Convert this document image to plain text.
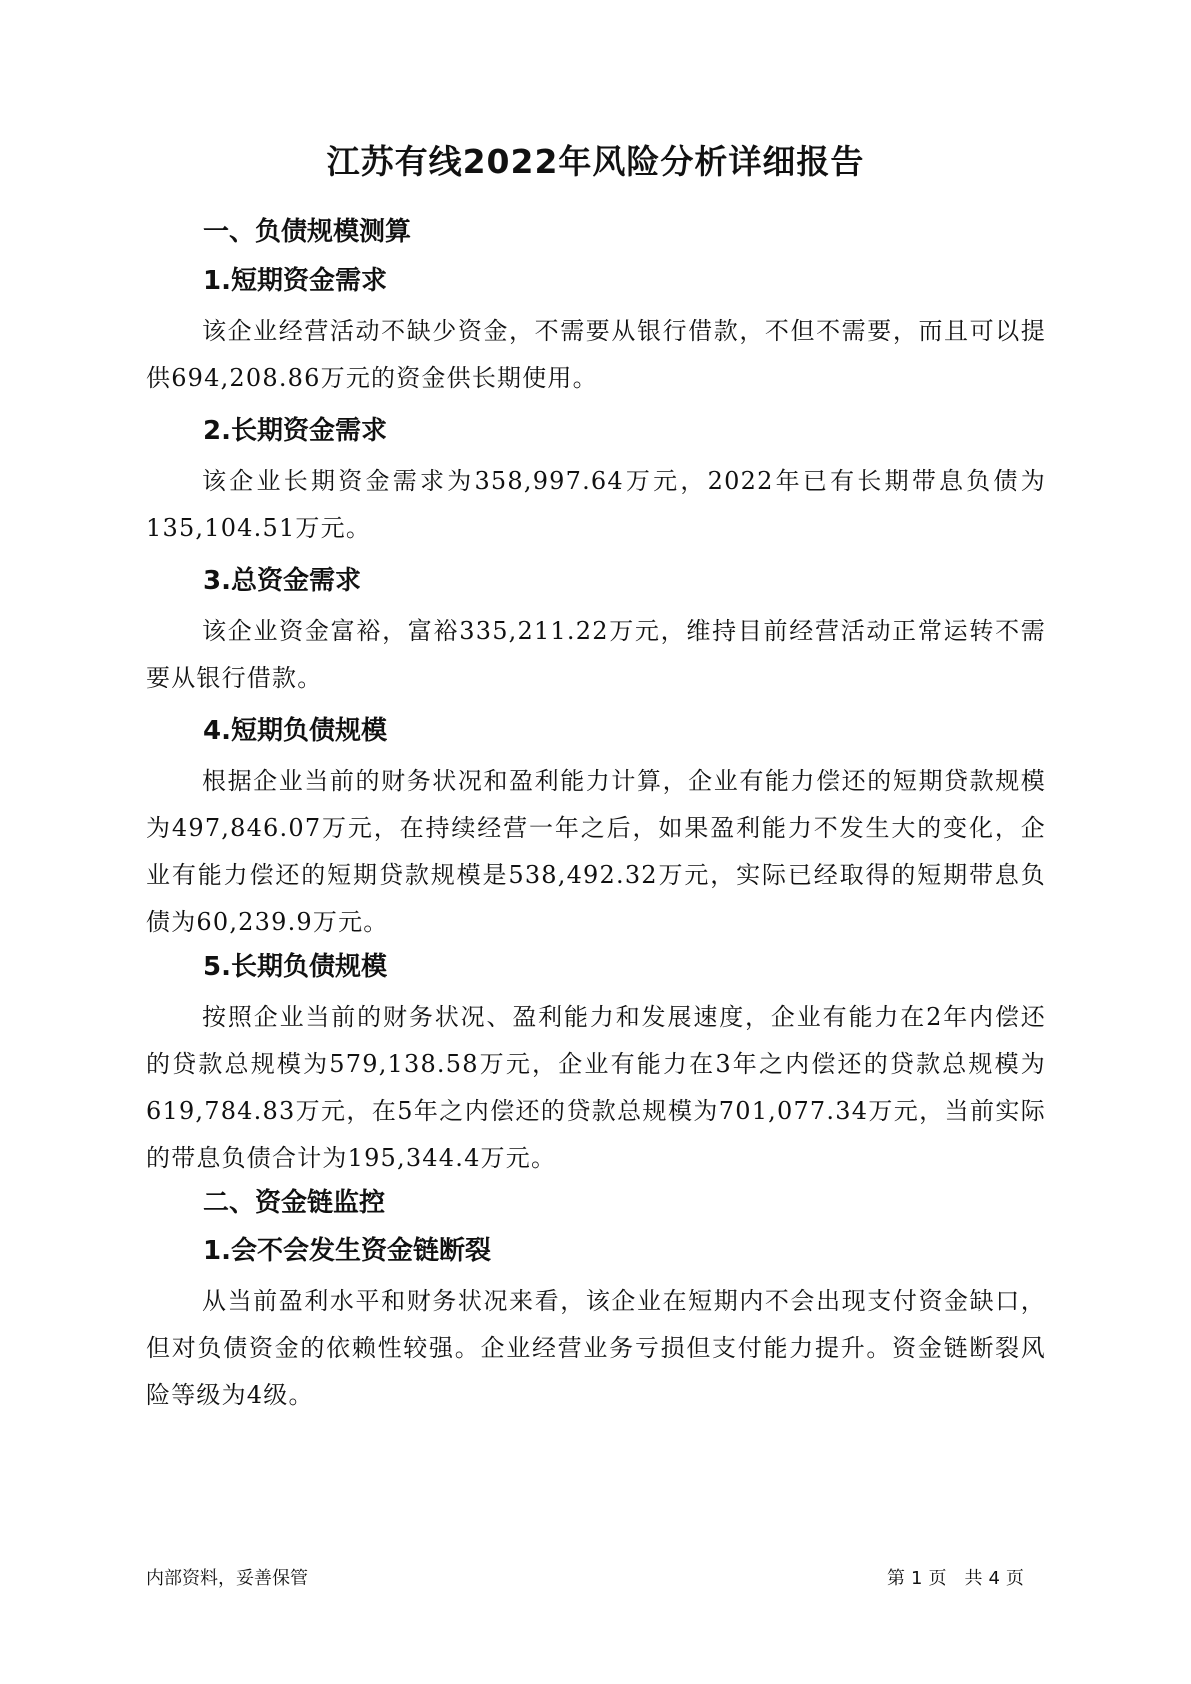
江苏有线2022年风险分析详细报告
一、负债规模测算
1.短期资金需求

该企业经营活动不缺少资金，不需要从银行借款，不但不需要，而且可以提供694,208.86万元的资金供长期使用。

2.长期资金需求

该企业长期资金需求为358,997.64万元，2022年已有长期带息负债为135,104.51万元。

3.总资金需求

该企业资金富裕，富裕335,211.22万元，维持目前经营活动正常运转不需要从银行借款。

4.短期负债规模

根据企业当前的财务状况和盈利能力计算，企业有能力偿还的短期贷款规模为497,846.07万元，在持续经营一年之后，如果盈利能力不发生大的变化，企业有能力偿还的短期贷款规模是538,492.32万元，实际已经取得的短期带息负债为60,239.9万元。

5.长期负债规模

按照企业当前的财务状况、盈利能力和发展速度，企业有能力在2年内偿还的贷款总规模为579,138.58万元，企业有能力在3年之内偿还的贷款总规模为619,784.83万元，在5年之内偿还的贷款总规模为701,077.34万元，当前实际的带息负债合计为195,344.4万元。

二、资金链监控
1.会不会发生资金链断裂

从当前盈利水平和财务状况来看，该企业在短期内不会出现支付资金缺口，但对负债资金的依赖性较强。企业经营业务亏损但支付能力提升。资金链断裂风险等级为4级。

内部资料，妥善保管	第 1 页 共 4 页
